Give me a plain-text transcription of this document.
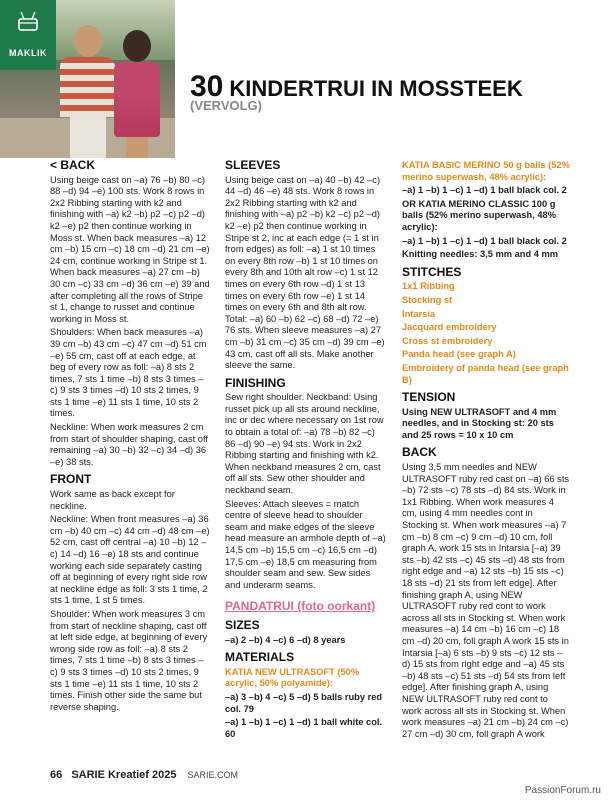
MAKLIK
30 KINDERTRUI IN MOSSTEEK
(VERVOLG)
< BACK

Using beige cast on –a) 76 –b) 80 –c) 88 –d) 94 –e) 100 sts. Work 8 rows in 2x2 Ribbing starting with k2 and finishing with –a) k2 –b) p2 –c) p2 –d) k2 –e) p2 then continue working in Moss st. When back measures –a) 12 cm –b) 15 cm –c) 18 cm –d) 21 cm –e) 24 cm, continue working in Stripe st 1. When back measures –a) 27 cm –b) 30 cm –c) 33 cm –d) 36 cm –e) 39 and after completing all the rows of Stripe st 1, change to russet and continue working in Moss st.

Shoulders: When back measures –a) 39 cm –b) 43 cm –c) 47 cm –d) 51 cm –e) 55 cm, cast off at each edge, at beg of every row as foll: –a) 8 sts 2 times, 7 sts 1 time –b) 8 sts 3 times –c) 9 sts 3 times –d) 10 sts 2 times, 9 sts 1 time –e) 11 sts 1 time, 10 sts 2 times.

Neckline: When work measures 2 cm from start of shoulder shaping, cast off remaining –a) 30 –b) 32 –c) 34 –d) 36 –e) 38 sts.

FRONT

Work same as back except for neckline.

Neckline: When front measures –a) 36 cm –b) 40 cm –c) 44 cm –d) 48 cm –e) 52 cm, cast off central –a) 10 –b) 12 –c) 14 –d) 16 –e) 18 sts and continue working each side separately casting off at beginning of every right side row at neckline edge as foll: 3 sts 1 time, 2 sts 1 time, 1 st 5 times.

Shoulder: When work measures 3 cm from start of neckline shaping, cast off at left side edge, at beginning of every wrong side row as foll: –a) 8 sts 2 times, 7 sts 1 time –b) 8 sts 3 times –c) 9 sts 3 times –d) 10 sts 2 times, 9 sts 1 time –e) 11 sts 1 time, 10 sts 2 times. Finish other side the same but reverse shaping.

SLEEVES

Using beige cast on –a) 40 –b) 42 –c) 44 –d) 46 –e) 48 sts. Work 8 rows in 2x2 Ribbing starting with k2 and finishing with –a) p2 –b) k2 –c) p2 –d) k2 –e) p2 then continue working in Stripe st 2, inc at each edge (= 1 st in from edges) as foll: –a) 1 st 10 times on every 8th row –b) 1 st 10 times on every 8th and 10th alt row –c) 1 st 12 times on every 6th row –d) 1 st 13 times on every 6th row –e) 1 st 14 times on every 6th and 8th alt row. Total: –a) 60 –b) 62 –c) 68 –d) 72 –e) 76 sts. When sleeve measures –a) 27 cm –b) 31 cm –c) 35 cm –d) 39 cm –e) 43 cm, cast off all sts. Make another sleeve the same.

FINISHING

Sew right shoulder. Neckband: Using russet pick up all sts around neckline, inc or dec where necessary on 1st row to obtain a total of: –a) 78 –b) 82 –c) 86 –d) 90 –e) 94 sts. Work in 2x2 Ribbing starting and finishing with k2. When neckband measures 2 cm, cast off all sts. Sew other shoulder and neckband seam.

Sleeves: Attach sleeves = match centre of sleeve head to shoulder seam and make edges of the sleeve head measure an armhole depth of –a) 14,5 cm –b) 15,5 cm –c) 16,5 cm –d) 17,5 cm –e) 18,5 cm measuring from shoulder seam and sew. Sew sides and underarm seams.

PANDATRUI (foto oorkant)

SIZES

–a) 2 –b) 4 –c) 6 –d) 8 years

MATERIALS

KATIA NEW ULTRASOFT (50% acrylic, 50% polyamide):

–a) 3 –b) 4 –c) 5 –d) 5 balls ruby red col. 79

–a) 1 –b) 1 –c) 1 –d) 1 ball white col. 60

KATIA BASIC MERINO 50 g balls (52% merino superwash, 48% acrylic):

–a) 1 –b) 1 –c) 1 –d) 1 ball black col. 2

OR KATIA MERINO CLASSIC 100 g balls (52% merino superwash, 48% acrylic):

–a) 1 –b) 1 –c) 1 –d) 1 ball black col. 2

Knitting needles: 3,5 mm and 4 mm

STITCHES

1x1 Ribbing

Stocking st

Intarsia

Jacquard embroidery

Cross st embroidery

Panda head (see graph A)

Embroidery of panda head (see graph B)

TENSION

Using NEW ULTRASOFT and 4 mm needles, and in Stocking st: 20 sts and 25 rows = 10 x 10 cm

BACK

Using 3,5 mm needles and NEW ULTRASOFT ruby red cast on –a) 66 sts –b) 72 sts –c) 78 sts –d) 84 sts. Work in 1x1 Ribbing. When work measures 4 cm, using 4 mm needles cont in Stocking st. When work measures –a) 7 cm –b) 8 cm –c) 9 cm –d) 10 cm, foll graph A, work 15 sts in Intarsia [–a) 39 sts –b) 42 sts –c) 45 sts –d) 48 sts from right edge and –a) 12 sts –b) 15 sts –c) 18 sts –d) 21 sts from left edge]. After finishing graph A, using NEW ULTRASOFT ruby red cont to work across all sts in Stocking st. When work measures –a) 14 cm –b) 16 cm –c) 18 cm –d) 20 cm, foll graph A work 15 sts in Intarsia [–a) 6 sts –b) 9 sts –c) 12 sts –d) 15 sts from right edge and –a) 45 sts –b) 48 sts –c) 51 sts –d) 54 sts from left edge]. After finishing graph A, using NEW ULTRASOFT ruby red cont to work across all sts in Stocking st. When work measures –a) 21 cm –b) 24 cm –c) 27 cm –d) 30 cm, foll graph A work

66 SARIE Kreatief 2025 SARIE.COM
PassionForum.ru
